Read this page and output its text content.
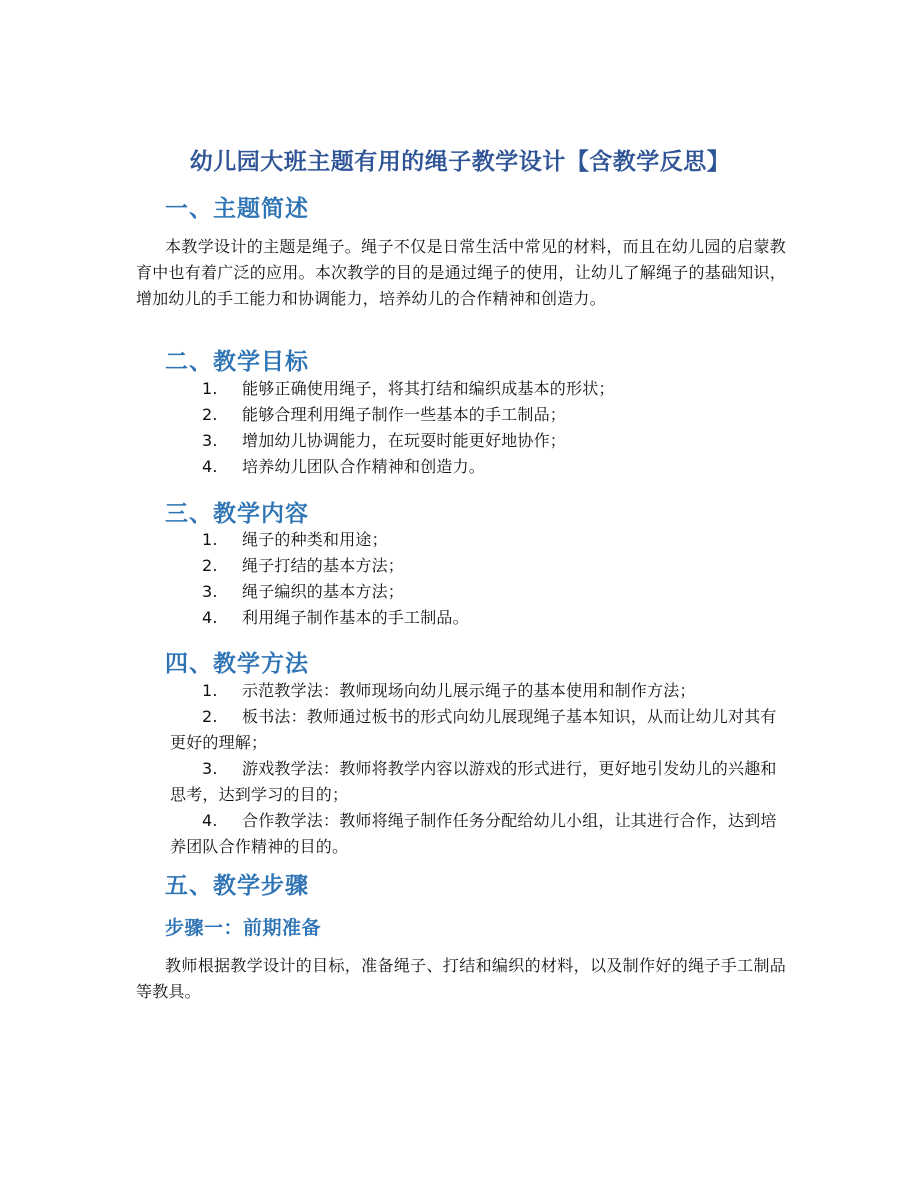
幼儿园大班主题有用的绳子教学设计【含教学反思】
一、主题简述

本教学设计的主题是绳子。绳子不仅是日常生活中常见的材料，而且在幼儿园的启蒙教育中也有着广泛的应用。本次教学的目的是通过绳子的使用，让幼儿了解绳子的基础知识，增加幼儿的手工能力和协调能力，培养幼儿的合作精神和创造力。

二、教学目标
1. 能够正确使用绳子，将其打结和编织成基本的形状；
2. 能够合理利用绳子制作一些基本的手工制品；
3. 增加幼儿协调能力，在玩耍时能更好地协作；
4. 培养幼儿团队合作精神和创造力。
三、教学内容
1. 绳子的种类和用途；
2. 绳子打结的基本方法；
3. 绳子编织的基本方法；
4. 利用绳子制作基本的手工制品。
四、教学方法
1. 示范教学法：教师现场向幼儿展示绳子的基本使用和制作方法；
2. 板书法：教师通过板书的形式向幼儿展现绳子基本知识，从而让幼儿对其有更好的理解；
3. 游戏教学法：教师将教学内容以游戏的形式进行，更好地引发幼儿的兴趣和思考，达到学习的目的；
4. 合作教学法：教师将绳子制作任务分配给幼儿小组，让其进行合作，达到培养团队合作精神的目的。
五、教学步骤
步骤一：前期准备

教师根据教学设计的目标，准备绳子、打结和编织的材料，以及制作好的绳子手工制品等教具。
